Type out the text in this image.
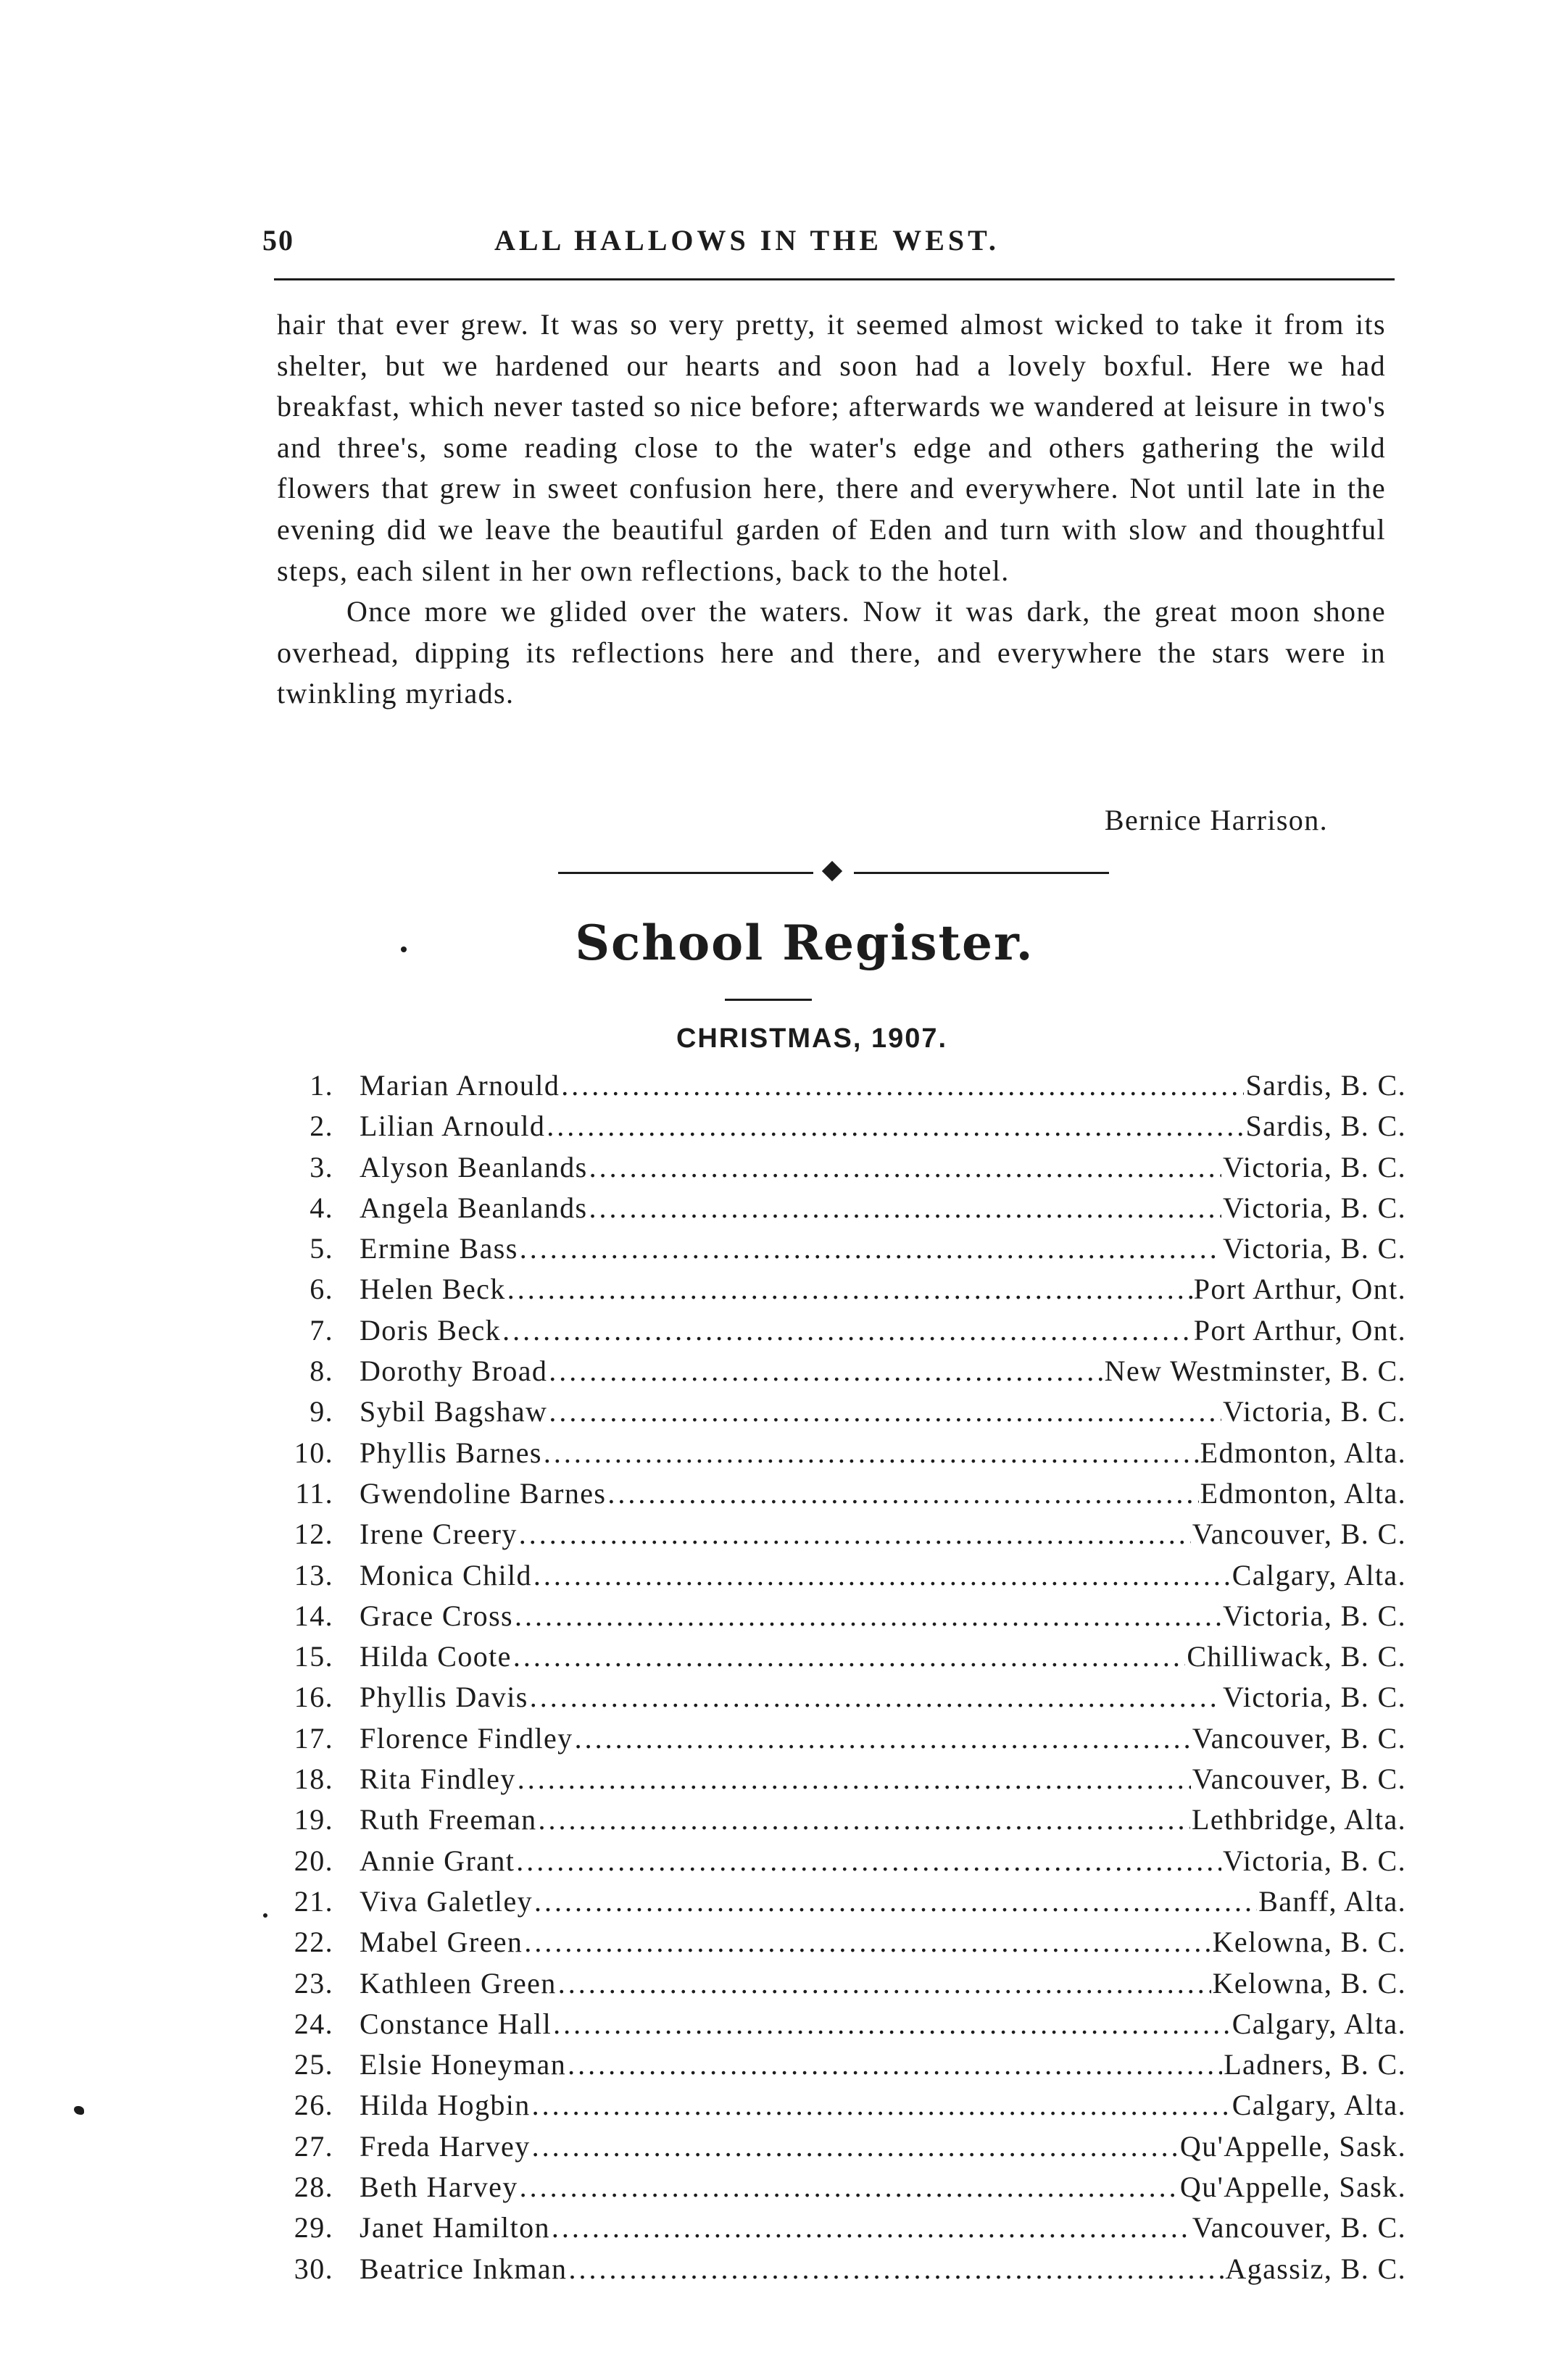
50	ALL HALLOWS IN THE WEST.

hair that ever grew. It was so very pretty, it seemed almost wicked to take it from its shelter, but we hardened our hearts and soon had a lovely boxful. Here we had breakfast, which never tasted so nice before; afterwards we wandered at leisure in two's and three's, some reading close to the water's edge and others gathering the wild flowers that grew in sweet confusion here, there and everywhere. Not until late in the evening did we leave the beautiful garden of Eden and turn with slow and thoughtful steps, each silent in her own reflections, back to the hotel.

Once more we glided over the waters. Now it was dark, the great moon shone overhead, dipping its reflections here and there, and everywhere the stars were in twinkling myriads.

Bernice Harrison.
School Register.
CHRISTMAS, 1907.
1. Marian Arnould .....	Sardis, B. C.
2. Lilian Arnould .....	Sardis, B. C.
3. Alyson Beanlands .....	Victoria, B. C.
4. Angela Beanlands .....	Victoria, B. C.
5. Ermine Bass .....	Victoria, B. C.
6. Helen Beck .....	Port Arthur, Ont.
7. Doris Beck .....	Port Arthur, Ont.
8. Dorothy Broad .....	New Westminster, B. C.
9. Sybil Bagshaw .....	Victoria, B. C.
10. Phyllis Barnes .....	Edmonton, Alta.
11. Gwendoline Barnes .....	Edmonton, Alta.
12. Irene Creery .....	Vancouver, B. C.
13. Monica Child .....	Calgary, Alta.
14. Grace Cross .....	Victoria, B. C.
15. Hilda Coote .....	Chilliwack, B. C.
16. Phyllis Davis .....	Victoria, B. C.
17. Florence Findley .....	Vancouver, B. C.
18. Rita Findley .....	Vancouver, B. C.
19. Ruth Freeman .....	Lethbridge, Alta.
20. Annie Grant .....	Victoria, B. C.
21. Viva Galetley .....	Banff, Alta.
22. Mabel Green .....	Kelowna, B. C.
23. Kathleen Green .....	Kelowna, B. C.
24. Constance Hall .....	Calgary, Alta.
25. Elsie Honeyman .....	Ladners, B. C.
26. Hilda Hogbin .....	Calgary, Alta.
27. Freda Harvey .....	Qu'Appelle, Sask.
28. Beth Harvey .....	Qu'Appelle, Sask.
29. Janet Hamilton .....	Vancouver, B. C.
30. Beatrice Inkman .....	Agassiz, B. C.
